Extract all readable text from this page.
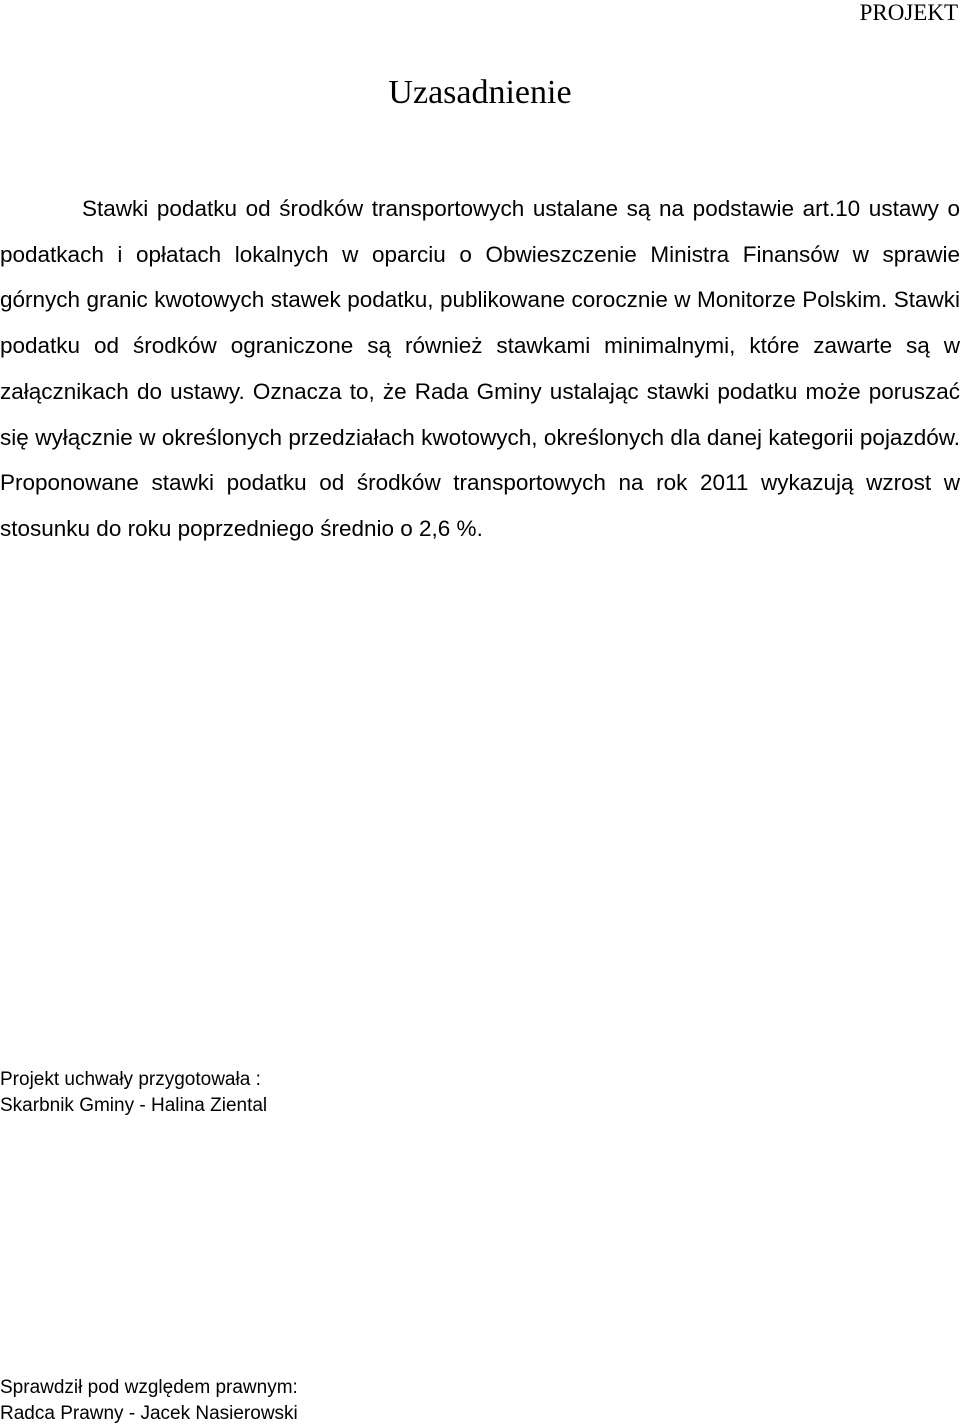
PROJEKT
Uzasadnienie

Stawki podatku od środków transportowych ustalane są na podstawie art.10 ustawy o podatkach i opłatach lokalnych w oparciu o Obwieszczenie Ministra Finansów w sprawie górnych granic kwotowych stawek podatku, publikowane corocznie w Monitorze Polskim. Stawki podatku od środków ograniczone są również stawkami minimalnymi, które zawarte są w załącznikach do ustawy. Oznacza to, że Rada Gminy ustalając stawki podatku może poruszać się wyłącznie w określonych przedziałach kwotowych, określonych dla danej kategorii pojazdów. Proponowane stawki podatku od środków transportowych na rok 2011 wykazują wzrost w stosunku do roku poprzedniego średnio o 2,6 %.

Projekt uchwały przygotowała :
Skarbnik Gminy - Halina Ziental
Sprawdził pod względem prawnym:
Radca Prawny - Jacek Nasierowski
